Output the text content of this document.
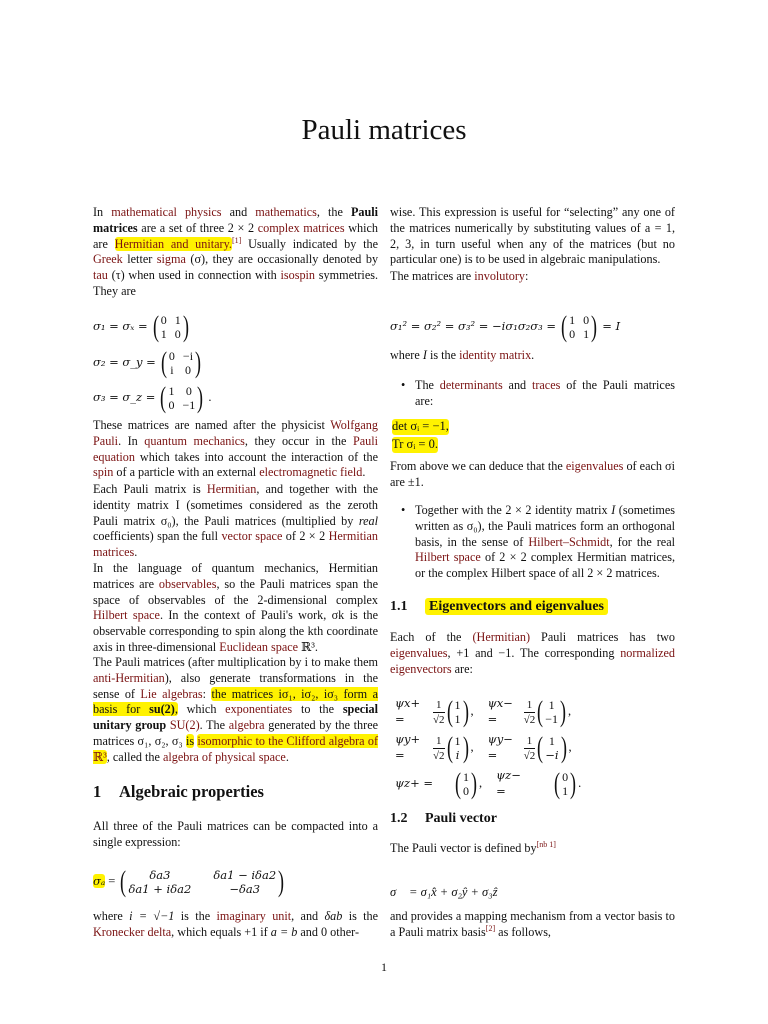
Pauli matrices

In mathematical physics and mathematics, the Pauli matrices are a set of three 2 × 2 complex matrices which are Hermitian and unitary.[1] Usually indicated by the Greek letter sigma (σ), they are occasionally denoted by tau (τ) when used in connection with isospin symmetries. They are

σ₁ = σₓ = ( 0 1
1 0 )
σ₂ = σ_y = ( 0 −i
i 0 )
σ₃ = σ_z = ( 1 0
0 −1 ) .

These matrices are named after the physicist Wolfgang Pauli. In quantum mechanics, they occur in the Pauli equation which takes into account the interaction of the spin of a particle with an external electromagnetic field.

Each Pauli matrix is Hermitian, and together with the identity matrix I (sometimes considered as the zeroth Pauli matrix σ₀), the Pauli matrices (multiplied by real coefficients) span the full vector space of 2 × 2 Hermitian matrices.

In the language of quantum mechanics, Hermitian matrices are observables, so the Pauli matrices span the space of observables of the 2-dimensional complex Hilbert space. In the context of Pauli's work, σk is the observable corresponding to spin along the kth coordinate axis in three-dimensional Euclidean space ℝ³.

The Pauli matrices (after multiplication by i to make them anti-Hermitian), also generate transformations in the sense of Lie algebras: the matrices iσ₁, iσ₂, iσ₃ form a basis for su(2), which exponentiates to the special unitary group SU(2). The algebra generated by the three matrices σ₁, σ₂, σ₃ is isomorphic to the Clifford algebra of ℝ³, called the algebra of physical space.

1 Algebraic properties

All three of the Pauli matrices can be compacted into a single expression:

σₐ = (	δa3	δa1 − iδa2
δa1 + iδa2	−δa3 )

where i = √−1 is the imaginary unit, and δab is the Kronecker delta, which equals +1 if a = b and 0 other-

wise. This expression is useful for “selecting” any one of the matrices numerically by substituting values of a = 1, 2, 3, in turn useful when any of the matrices (but no particular one) is to be used in algebraic manipulations.

The matrices are involutory:

σ₁² = σ₂² = σ₃² = −iσ₁σ₂σ₃ = ( 1 0
0 1 ) = I

where I is the identity matrix.

• The determinants and traces of the Pauli matrices are:

det σᵢ = −1,
Tr σᵢ = 0.

From above we can deduce that the eigenvalues of each σi are ±1.

• Together with the 2 × 2 identity matrix I (sometimes written as σ₀), the Pauli matrices form an orthogonal basis, in the sense of Hilbert–Schmidt, for the real Hilbert space of 2 × 2 complex Hermitian matrices, or the complex Hilbert space of all 2 × 2 matrices.

1.1 Eigenvectors and eigenvalues

Each of the (Hermitian) Pauli matrices has two eigenvalues, +1 and −1. The corresponding normalized eigenvectors are:

ψx+ =
1
√2 ( 1
1 ) ,
ψx− =
1
√2 ( 1
−1 ) ,
ψy+ =
1
√2 ( 1
i ) ,
ψy− =
1
√2 ( 1
−i ) ,
ψz+ = ( 1
0 ) ,
ψz− =	( 0
1 ) .
1.2 Pauli vector

The Pauli vector is defined by[nb 1]

σ⃗ = σ₁x̂ + σ₂ŷ + σ₃ẑ

and provides a mapping mechanism from a vector basis to a Pauli matrix basis[2] as follows,

1
